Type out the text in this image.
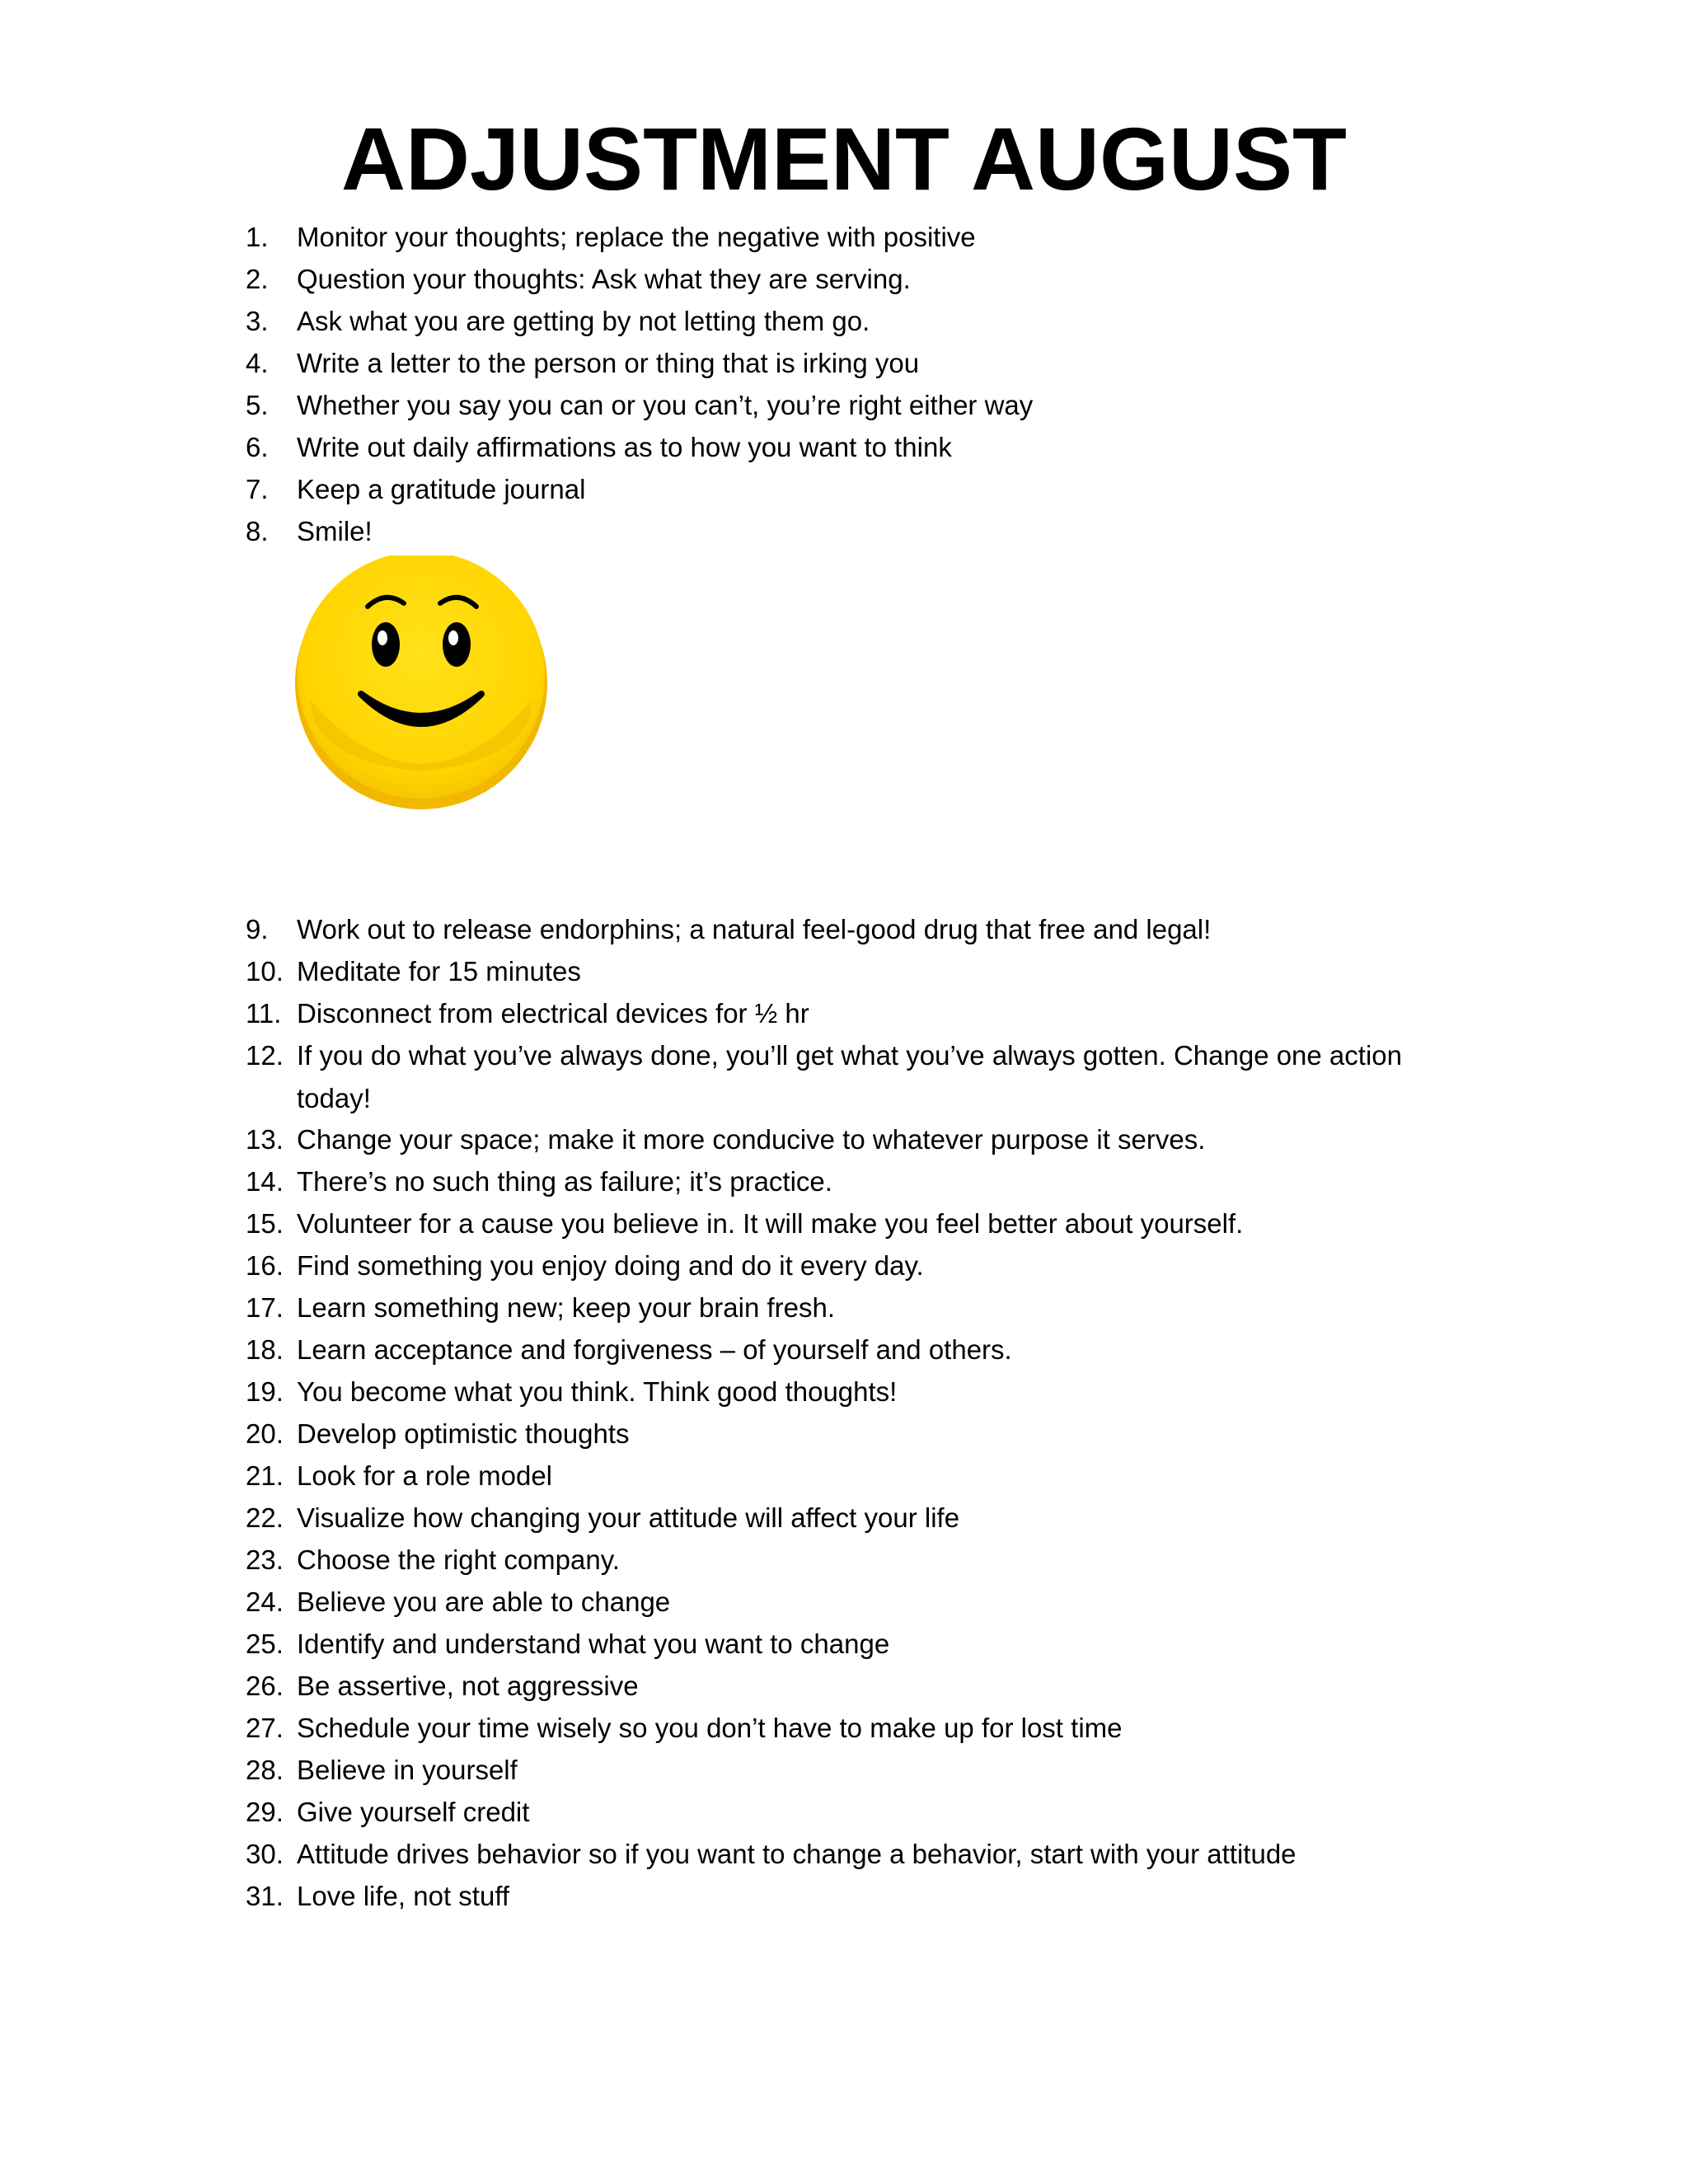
ADJUSTMENT AUGUST
1. Monitor your thoughts; replace the negative with positive
2. Question your thoughts: Ask what they are serving.
3. Ask what you are getting by not letting them go.
4. Write a letter to the person or thing that is irking you
5. Whether you say you can or you can’t, you’re right either way
6. Write out daily affirmations as to how you want to think
7. Keep a gratitude journal
8. Smile!
9. Work out to release endorphins; a natural feel-good drug that free and legal!
10. Meditate for 15 minutes
11. Disconnect from electrical devices for ½ hr
12. If you do what you’ve always done, you’ll get what you’ve always gotten. Change one action today!
13. Change your space; make it more conducive to whatever purpose it serves.
14. There’s no such thing as failure; it’s practice.
15. Volunteer for a cause you believe in. It will make you feel better about yourself.
16. Find something you enjoy doing and do it every day.
17. Learn something new; keep your brain fresh.
18. Learn acceptance and forgiveness – of yourself and others.
19. You become what you think. Think good thoughts!
20. Develop optimistic thoughts
21. Look for a role model
22. Visualize how changing your attitude will affect your life
23. Choose the right company.
24. Believe you are able to change
25. Identify and understand what you want to change
26. Be assertive, not aggressive
27. Schedule your time wisely so you don’t have to make up for lost time
28. Believe in yourself
29. Give yourself credit
30. Attitude drives behavior so if you want to change a behavior, start with your attitude
31. Love life, not stuff
